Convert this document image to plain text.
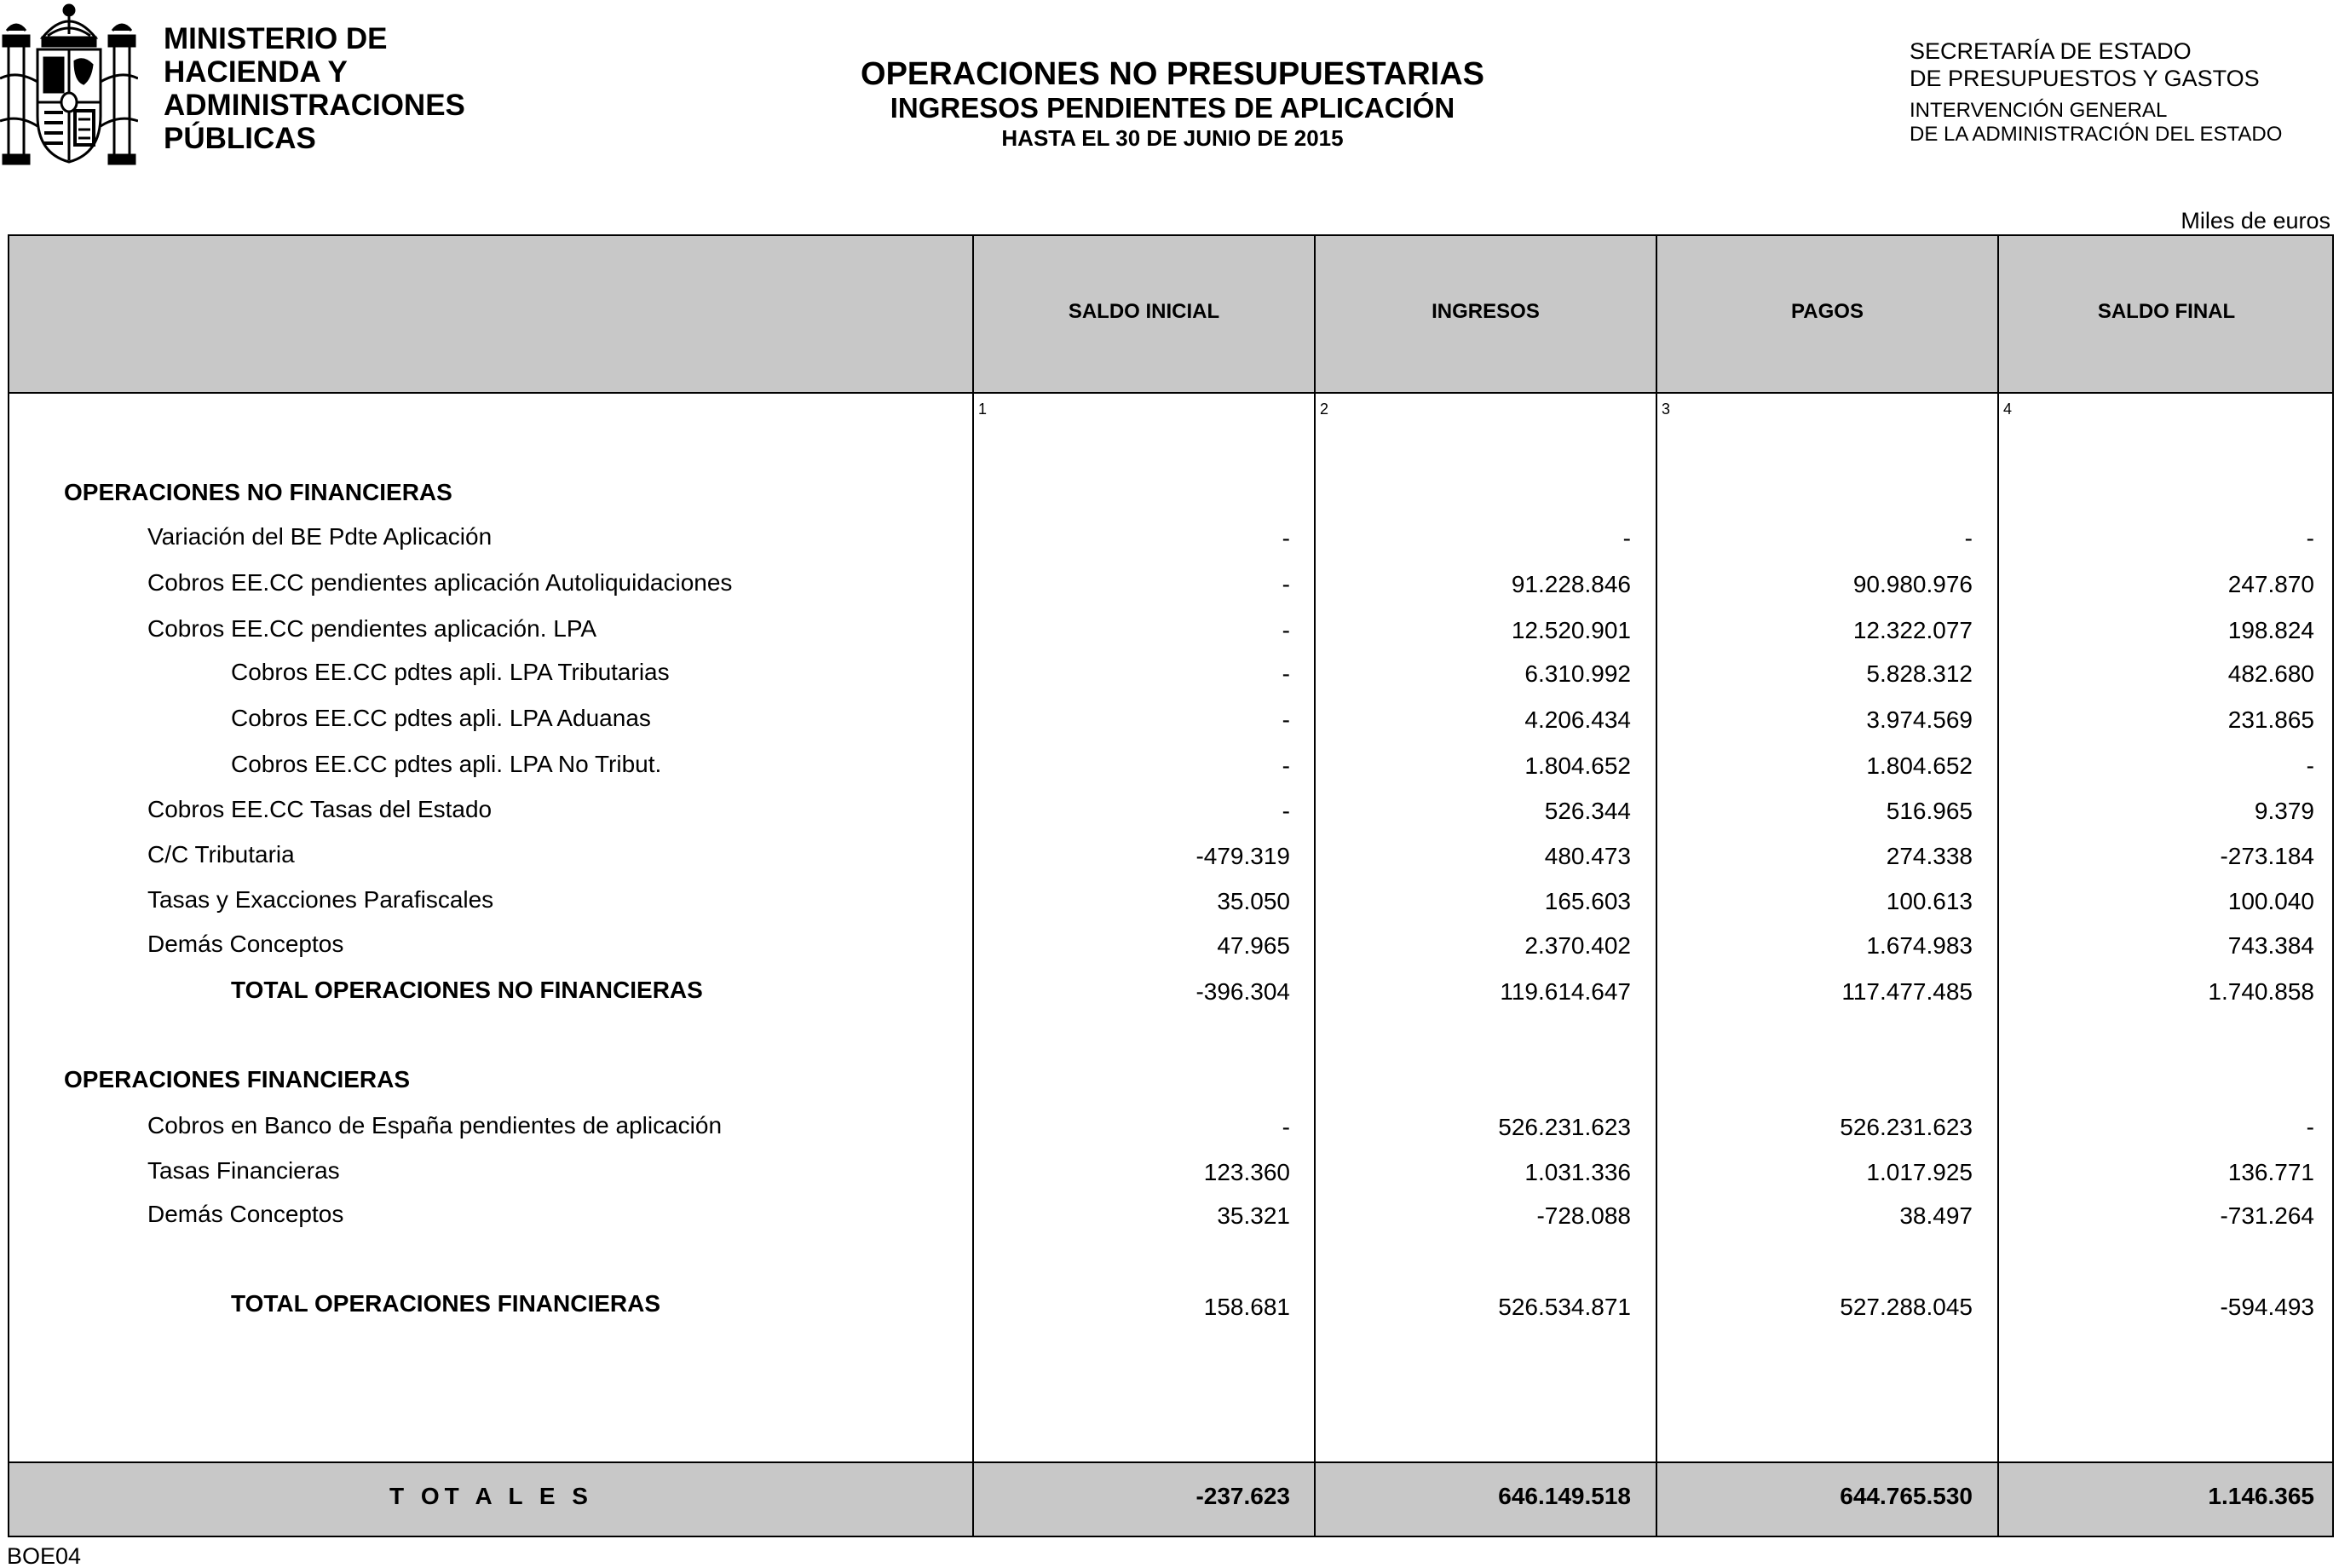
MINISTERIO DE
HACIENDA Y
ADMINISTRACIONES
PÚBLICAS
OPERACIONES NO PRESUPUESTARIAS
INGRESOS PENDIENTES DE APLICACIÓN
HASTA EL 30 DE JUNIO DE 2015
SECRETARÍA DE ESTADO
DE PRESUPUESTOS Y GASTOS
INTERVENCIÓN GENERAL
DE LA ADMINISTRACIÓN DEL ESTADO
Miles de euros
SALDO INICIAL	INGRESOS	PAGOS	SALDO FINAL
1	2	3	4
OPERACIONES NO FINANCIERAS
Variación del BE Pdte Aplicación	-	-	-	-
Cobros EE.CC pendientes aplicación Autoliquidaciones	-	91.228.846	90.980.976	247.870
Cobros EE.CC pendientes aplicación. LPA	-	12.520.901	12.322.077	198.824
Cobros EE.CC pdtes apli. LPA Tributarias	-	6.310.992	5.828.312	482.680
Cobros EE.CC pdtes apli. LPA Aduanas	-	4.206.434	3.974.569	231.865
Cobros EE.CC pdtes apli. LPA No Tribut.	-	1.804.652	1.804.652	-
Cobros EE.CC Tasas del Estado	-	526.344	516.965	9.379
C/C Tributaria	-479.319	480.473	274.338	-273.184
Tasas y Exacciones Parafiscales	35.050	165.603	100.613	100.040
Demás Conceptos	47.965	2.370.402	1.674.983	743.384
TOTAL OPERACIONES NO FINANCIERAS	-396.304	119.614.647	117.477.485	1.740.858
OPERACIONES FINANCIERAS
Cobros en Banco de España pendientes de aplicación	-	526.231.623	526.231.623	-
Tasas Financieras	123.360	1.031.336	1.017.925	136.771
Demás Conceptos	35.321	-728.088	38.497	-731.264
TOTAL OPERACIONES FINANCIERAS	158.681	526.534.871	527.288.045	-594.493
T OT A L E S	-237.623	646.149.518	644.765.530	1.146.365
BOE04
